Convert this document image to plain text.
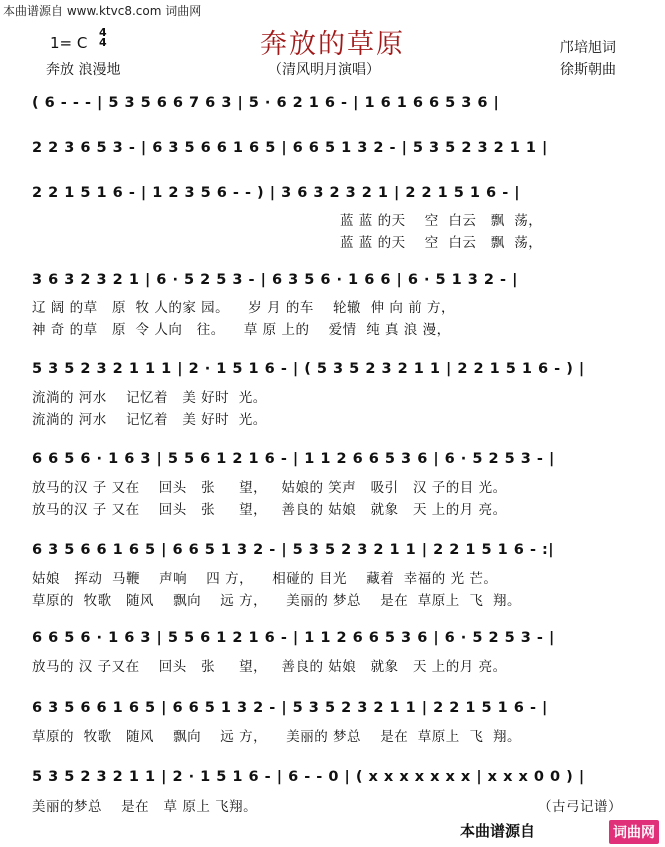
本曲谱源自 www.ktvc8.com 词曲网
奔放的草原
1= C
4
4	邝培旭词
奔放 浪漫地	（清风明月演唱）	徐斯朝曲
( 6 - - - | 5 3 5 6 6 7 6 3 | 5 · 6 2 1 6 - | 1 6 1 6 6 5 3 6 |
2 2 3 6 5 3 - | 6 3 5 6 6 1 6 5 | 6 6 5 1 3 2 - | 5 3 5 2 3 2 1 1 |
2 2 1 5 1 6 - | 1 2 3 5 6 - - ) | 3 6 3 2 3 2 1 | 2 2 1 5 1 6 - |
蓝 蓝 的天    空  白云   飘  荡，
蓝 蓝 的天    空  白云   飘  荡，
3 6 3 2 3 2 1 | 6 · 5 2 5 3 - | 6 3 5 6 · 1 6 6 | 6 · 5 1 3 2 - |
辽 阔 的草   原  牧 人的家 园。    岁 月 的车    轮辙  伸 向 前 方，
神 奇 的草   原  令 人向   往。    草 原 上的    爱情  纯 真 浪 漫，
5 3 5 2 3 2 1 1 1 | 2 · 1 5 1 6 - | ( 5 3 5 2 3 2 1 1 | 2 2 1 5 1 6 - ) |
流淌的 河水    记忆着   美 好时  光。
流淌的 河水    记忆着   美 好时  光。
6 6 5 6 · 1 6 3 | 5 5 6 1 2 1 6 - | 1 1 2 6 6 5 3 6 | 6 · 5 2 5 3 - |
放马的汉 子 又在    回头   张     望，   姑娘的 笑声   吸引   汉 子的目 光。
放马的汉 子 又在    回头   张     望，   善良的 姑娘   就象   天 上的月 亮。
6 3 5 6 6 1 6 5 | 6 6 5 1 3 2 - | 5 3 5 2 3 2 1 1 | 2 2 1 5 1 6 - :|
姑娘   挥动  马鞭    声响    四 方，    相碰的 目光    藏着  幸福的 光 芒。
草原的  牧歌   随风    飘向    远 方，    美丽的 梦总    是在  草原上  飞  翔。
6 6 5 6 · 1 6 3 | 5 5 6 1 2 1 6 - | 1 1 2 6 6 5 3 6 | 6 · 5 2 5 3 - |
放马的 汉 子又在    回头   张     望，   善良的 姑娘   就象   天 上的月 亮。
6 3 5 6 6 1 6 5 | 6 6 5 1 3 2 - | 5 3 5 2 3 2 1 1 | 2 2 1 5 1 6 - |
草原的  牧歌   随风    飘向    远 方，    美丽的 梦总    是在  草原上  飞  翔。
5 3 5 2 3 2 1 1 | 2 · 1 5 1 6 - | 6 - - 0 | ( x x x x x x x | x x x 0 0 ) |
美丽的梦总    是在   草 原上 飞翔。	（古弓记谱）
本曲谱源自	词曲网
